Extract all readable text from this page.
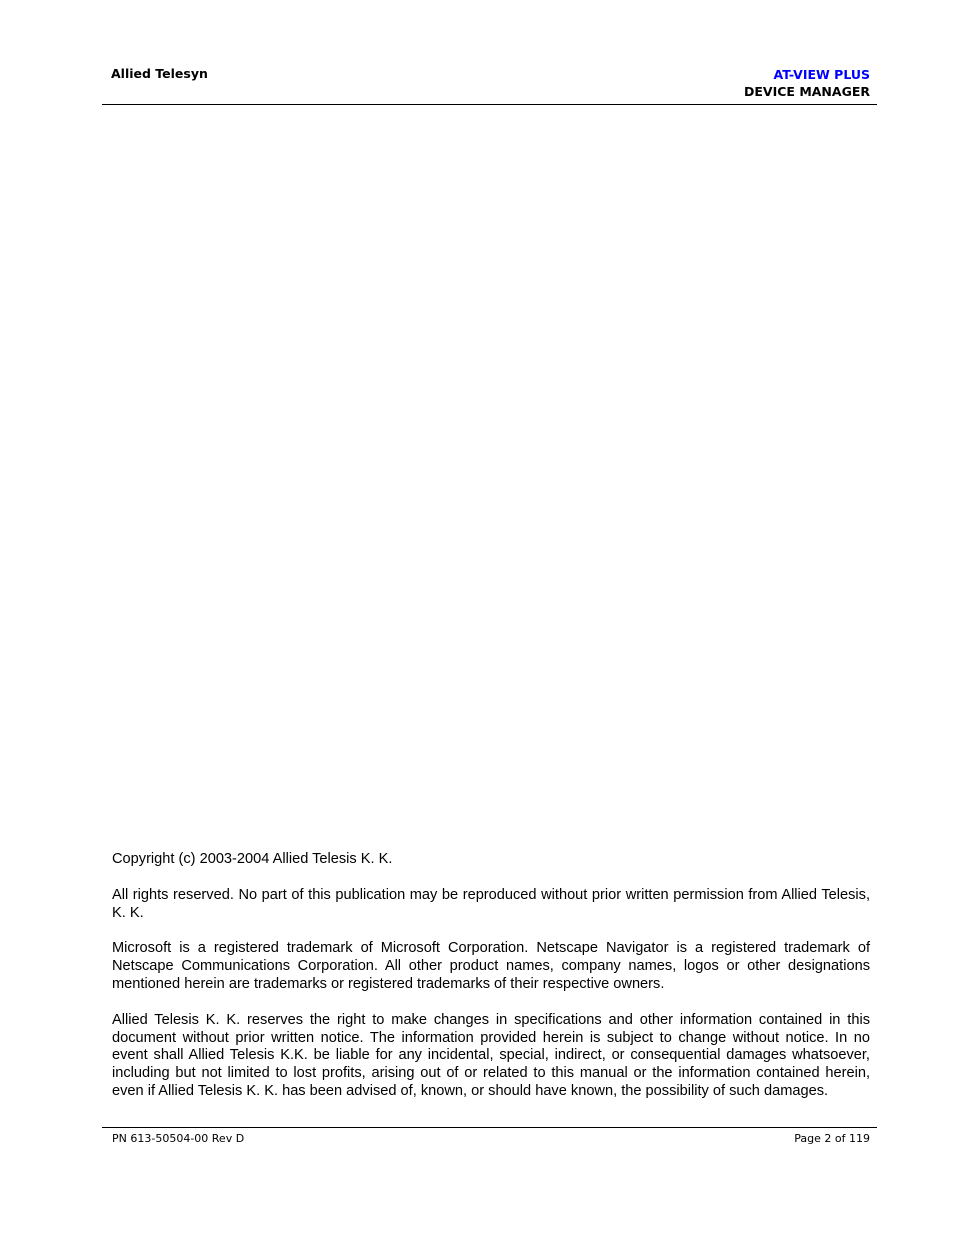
Allied Telesyn	AT-VIEW PLUS
DEVICE MANAGER

Copyright (c) 2003-2004 Allied Telesis K. K.

All rights reserved. No part of this publication may be reproduced without prior written permission from Allied Telesis, K. K.

Microsoft is a registered trademark of Microsoft Corporation. Netscape Navigator is a registered trademark of Netscape Communications Corporation. All other product names, company names, logos or other designations mentioned herein are trademarks or registered trademarks of their respective owners.

Allied Telesis K. K. reserves the right to make changes in specifications and other information contained in this document without prior written notice. The information provided herein is subject to change without notice. In no event shall Allied Telesis K.K. be liable for any incidental, special, indirect, or consequential damages whatsoever, including but not limited to lost profits, arising out of or related to this manual or the information contained herein, even if Allied Telesis K. K. has been advised of, known, or should have known, the possibility of such damages.

PN 613-50504-00 Rev D	Page 2 of 119
